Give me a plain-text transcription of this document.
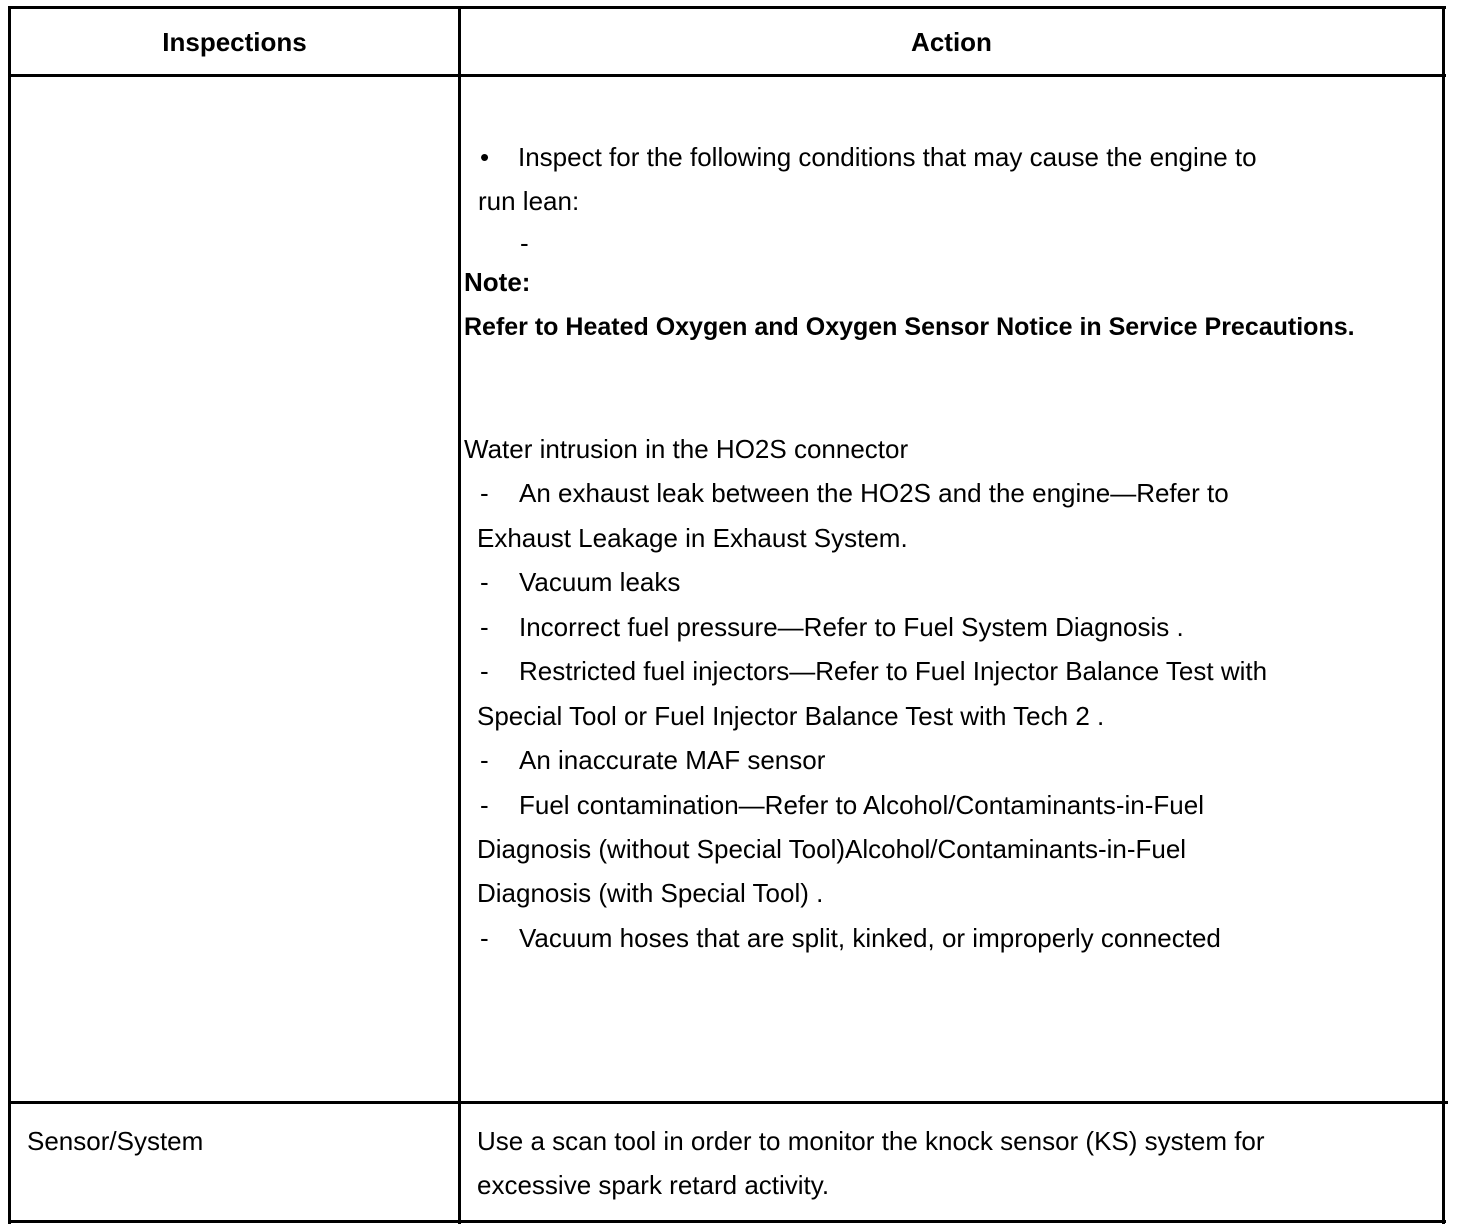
Inspections	Action
• Inspect for the following conditions that may cause the engine to
run lean:
-
Note:
Refer to Heated Oxygen and Oxygen Sensor Notice in Service Precautions.
Water intrusion in the HO2S connector
- An exhaust leak between the HO2S and the engine—Refer to
Exhaust Leakage in Exhaust System.
- Vacuum leaks
- Incorrect fuel pressure—Refer to Fuel System Diagnosis .
- Restricted fuel injectors—Refer to Fuel Injector Balance Test with
Special Tool or Fuel Injector Balance Test with Tech 2 .
- An inaccurate MAF sensor
- Fuel contamination—Refer to Alcohol/Contaminants-in-Fuel
Diagnosis (without Special Tool)Alcohol/Contaminants-in-Fuel
Diagnosis (with Special Tool) .
- Vacuum hoses that are split, kinked, or improperly connected
Sensor/System	Use a scan tool in order to monitor the knock sensor (KS) system for
excessive spark retard activity.
